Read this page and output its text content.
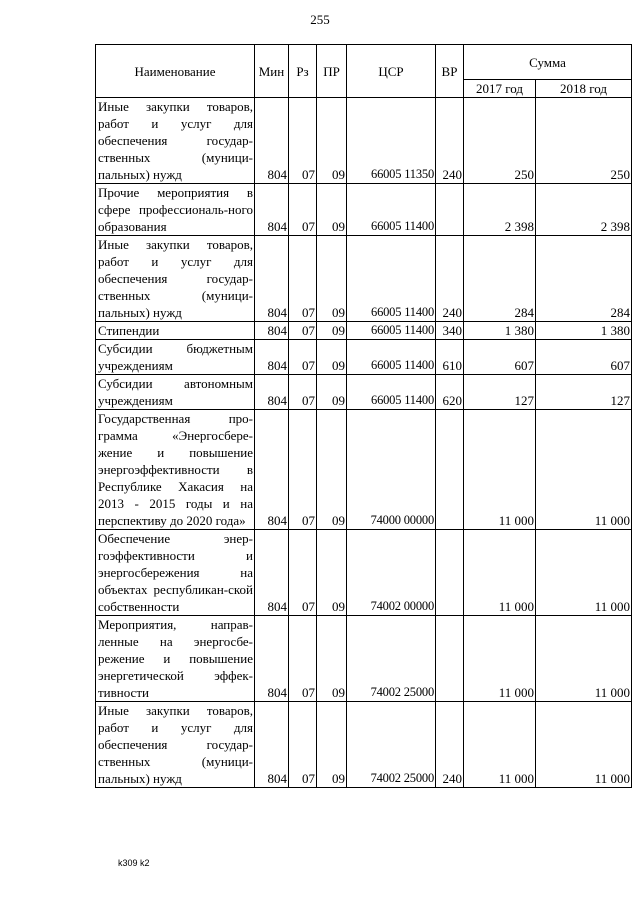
255
Наименование	Мин	Рз	ПР	ЦСР	ВР	Сумма	
						2017 год	2018 год
Иные закупки товаров, работ и услуг для обеспечения государ-ственных (муници-пальных) нужд	804	07	09	66005 11350	240	250	250
Прочие мероприятия в сфере профессиональ-ного образования	804	07	09	66005 11400		2 398	2 398
Иные закупки товаров, работ и услуг для обеспечения государ-ственных (муници-пальных) нужд	804	07	09	66005 11400	240	284	284
Стипендии	804	07	09	66005 11400	340	1 380	1 380
Субсидии бюджетным учреждениям	804	07	09	66005 11400	610	607	607
Субсидии автономным учреждениям	804	07	09	66005 11400	620	127	127
Государственная про-грамма «Энергосбере-жение и повышение энергоэффективности в Республике Хакасия на 2013 - 2015 годы и на перспективу до 2020 года»	804	07	09	74000 00000		11 000	11 000
Обеспечение энер-гоэффективности и энергосбережения на объектах республикан-ской собственности	804	07	09	74002 00000		11 000	11 000
Мероприятия, направ-ленные на энергосбе-режение и повышение энергетической эффек-тивности	804	07	09	74002 25000		11 000	11 000
Иные закупки товаров, работ и услуг для обеспечения государ-ственных (муници-пальных) нужд	804	07	09	74002 25000	240	11 000	11 000
k309 k2
